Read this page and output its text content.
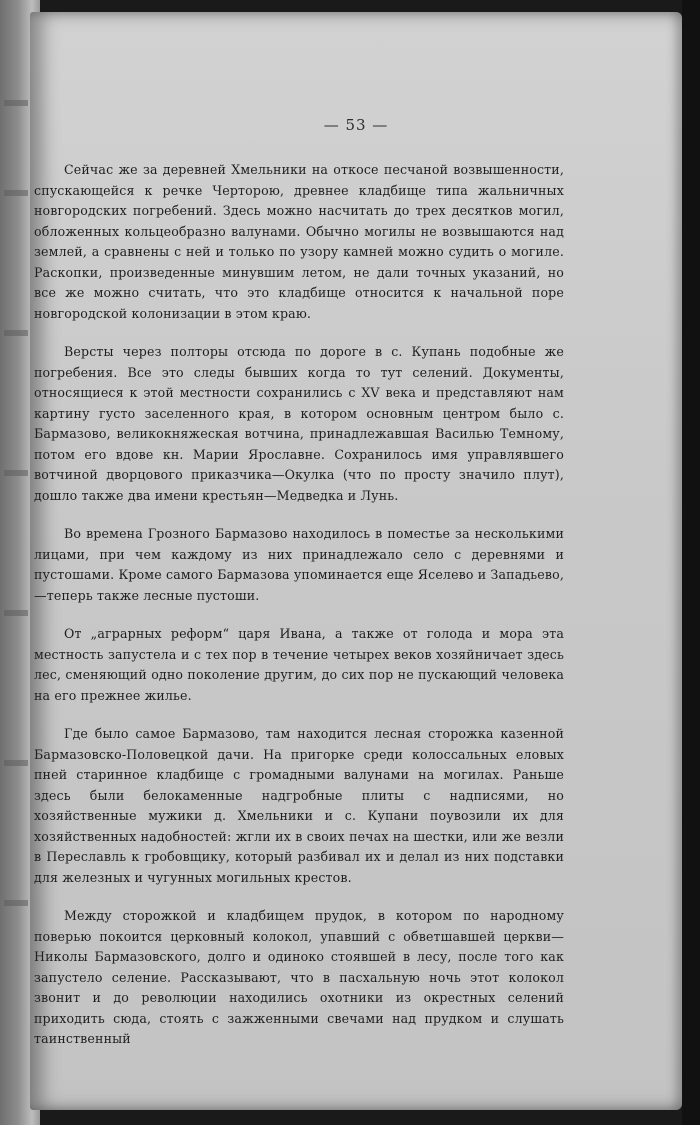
— 53 —

Сейчас же за деревней Хмельники на откосе песчаной возвышенности, спускающейся к речке Черторою, древнее кладбище типа жальничных новгородских погребений. Здесь можно насчитать до трех десятков могил, обложенных кольцеобразно валунами. Обычно могилы не возвышаются над землей, а сравнены с ней и только по узору камней можно судить о могиле. Раскопки, произведенные минувшим летом, не дали точных указаний, но все же можно считать, что это кладбище относится к начальной поре новгородской колонизации в этом краю.

Версты через полторы отсюда по дороге в с. Купань подобные же погребения. Все это следы бывших когда то тут селений. Документы, относящиеся к этой местности сохранились с XV века и представляют нам картину густо заселенного края, в котором основным центром было с. Бармазово, великокняжеская вотчина, принадлежавшая Василью Темному, потом его вдове кн. Марии Ярославне. Сохранилось имя управлявшего вотчиной дворцового приказчика—Окулка (что по просту значило плут), дошло также два имени крестьян—Медведка и Лунь.

Во времена Грозного Бармазово находилось в поместье за несколькими лицами, при чем каждому из них принадлежало село с деревнями и пустошами. Кроме самого Бармазова упоминается еще Яселево и Западьево,—теперь также лесные пустоши.

От „аграрных реформ“ царя Ивана, а также от голода и мора эта местность запустела и с тех пор в течение четырех веков хозяйничает здесь лес, сменяющий одно поколение другим, до сих пор не пускающий человека на его прежнее жилье.

Где было самое Бармазово, там находится лесная сторожка казенной Бармазовско-Половецкой дачи. На пригорке среди колоссальных еловых пней старинное кладбище с громадными валунами на могилах. Раньше здесь были белокаменные надгробные плиты с надписями, но хозяйственные мужики д. Хмельники и с. Купани поувозили их для хозяйственных надобностей: жгли их в своих печах на шестки, или же везли в Переславль к гробовщику, который разбивал их и делал из них подставки для железных и чугунных могильных крестов.

Между сторожкой и кладбищем прудок, в котором по народному поверью покоится церковный колокол, упавший с обветшавшей церкви—Николы Бармазовского, долго и одиноко стоявшей в лесу, после того как запустело селение. Рассказывают, что в пасхальную ночь этот колокол звонит и до революции находились охотники из окрестных селений приходить сюда, стоять с зажженными свечами над прудком и слушать таинственный
